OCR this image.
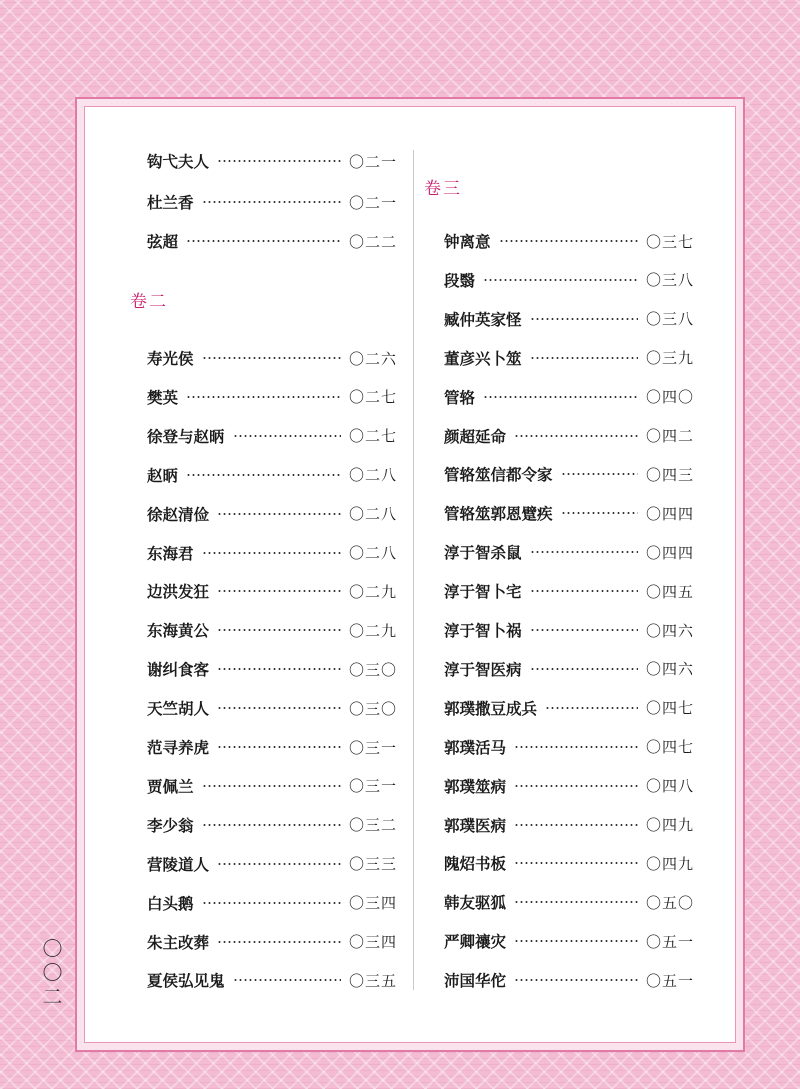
钩弋夫人	〇二一
杜兰香	〇二一
弦超	〇二二
卷二
寿光侯	〇二六
樊英	〇二七
徐登与赵昞	〇二七
赵昞	〇二八
徐赵清俭	〇二八
东海君	〇二八
边洪发狂	〇二九
东海黄公	〇二九
谢纠食客	〇三〇
天竺胡人	〇三〇
范寻养虎	〇三一
贾佩兰	〇三一
李少翁	〇三二
营陵道人	〇三三
白头鹅	〇三四
朱主改葬	〇三四
夏侯弘见鬼	〇三五
卷三
钟离意	〇三七
段翳	〇三八
臧仲英家怪	〇三八
董彦兴卜筮	〇三九
管辂	〇四〇
颜超延命	〇四二
管辂筮信都令家	〇四三
管辂筮郭恩躄疾	〇四四
淳于智杀鼠	〇四四
淳于智卜宅	〇四五
淳于智卜祸	〇四六
淳于智医病	〇四六
郭璞撒豆成兵	〇四七
郭璞活马	〇四七
郭璞筮病	〇四八
郭璞医病	〇四九
隗炤书板	〇四九
韩友驱狐	〇五〇
严卿禳灾	〇五一
沛国华佗	〇五一
〇〇二
